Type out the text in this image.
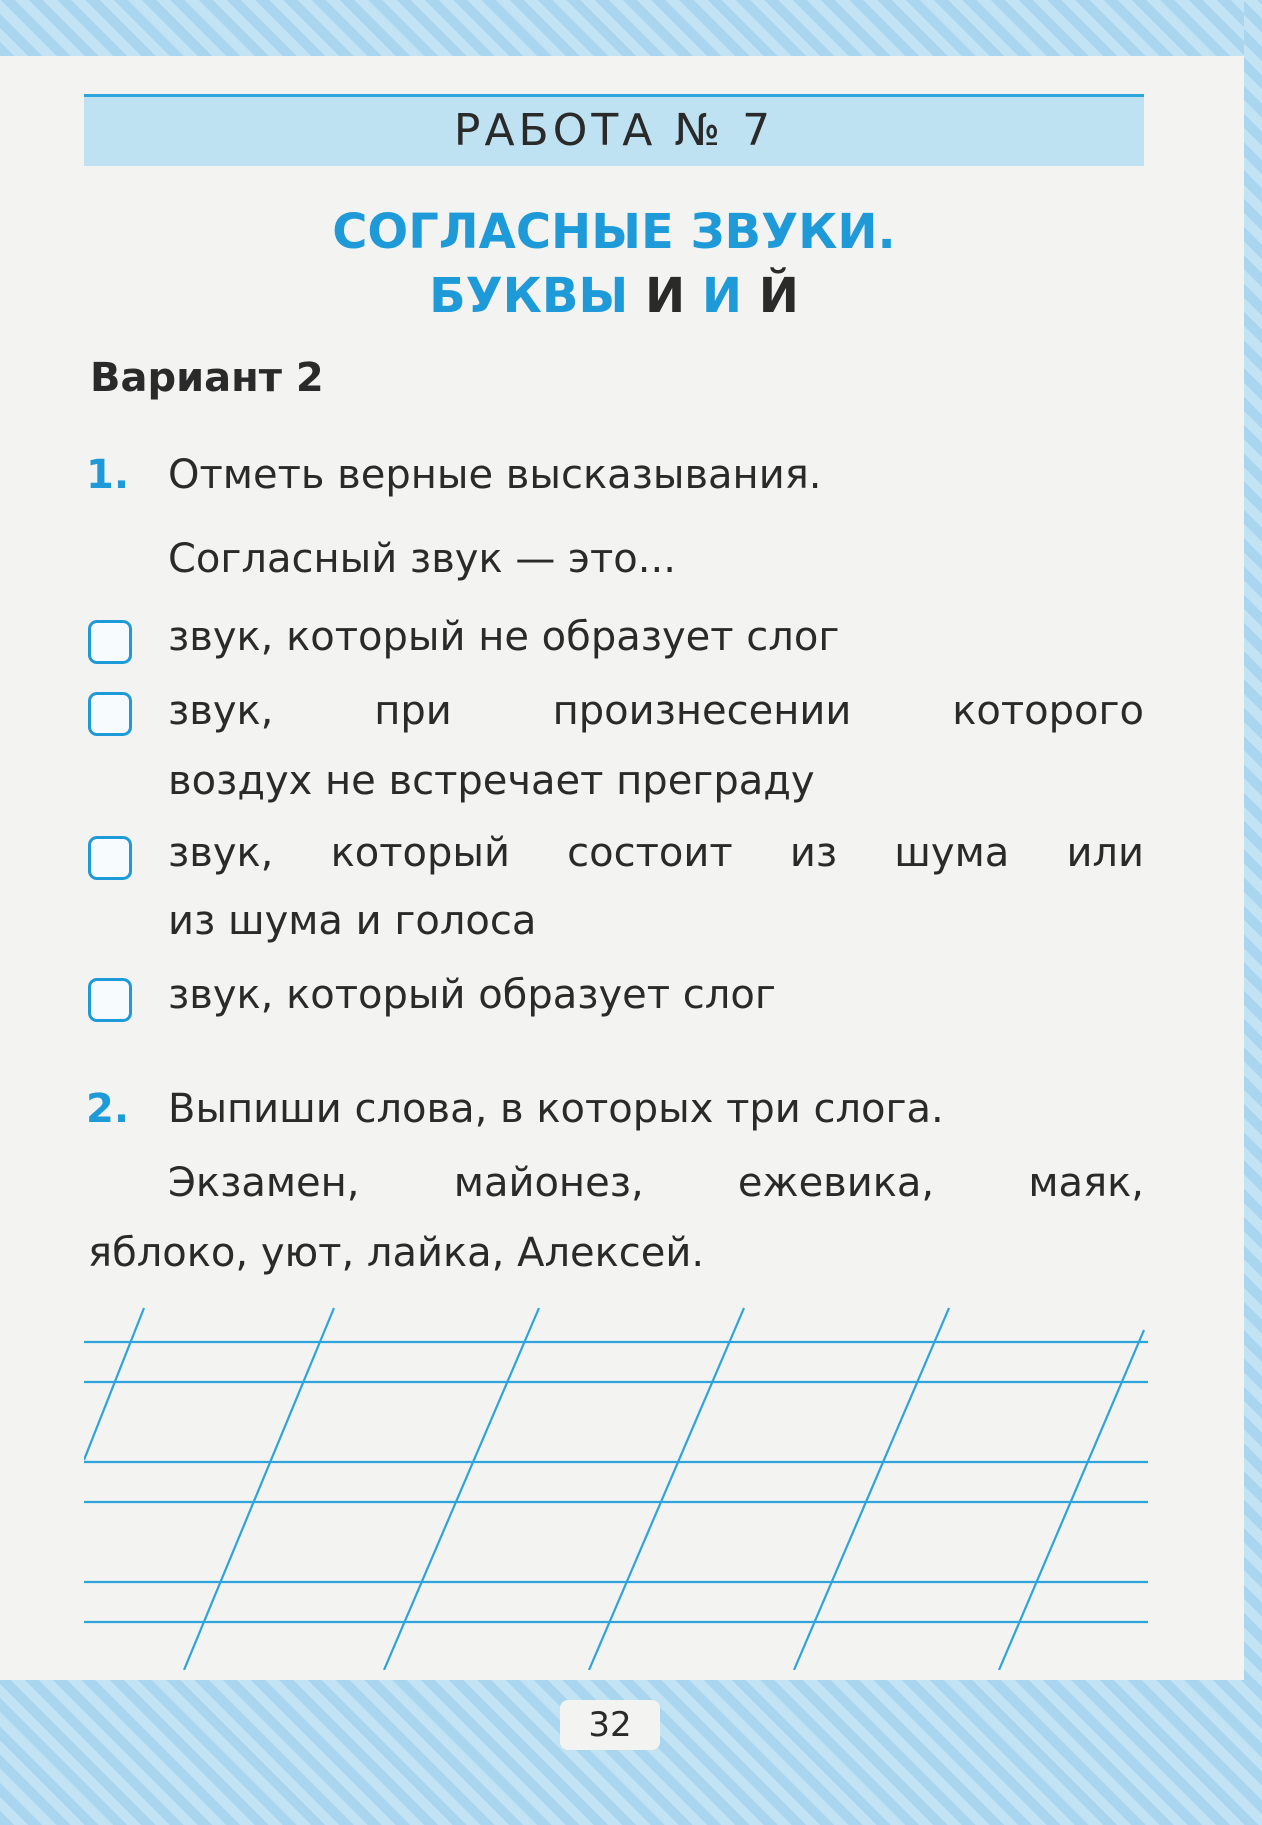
РАБОТА № 7
СОГЛАСНЫЕ ЗВУКИ.
БУКВЫ И И Й
Вариант 2
1. Отметь верные высказывания.
Согласный звук — это...
звук, который не образует слог
звук, при произнесении которого
воздух не встречает преграду
звук, который состоит из шума или
из шума и голоса
звук, который образует слог
2. Выпиши слова, в которых три слога.
Экзамен, майонез, ежевика, маяк,
яблоко, уют, лайка, Алексей.
32
